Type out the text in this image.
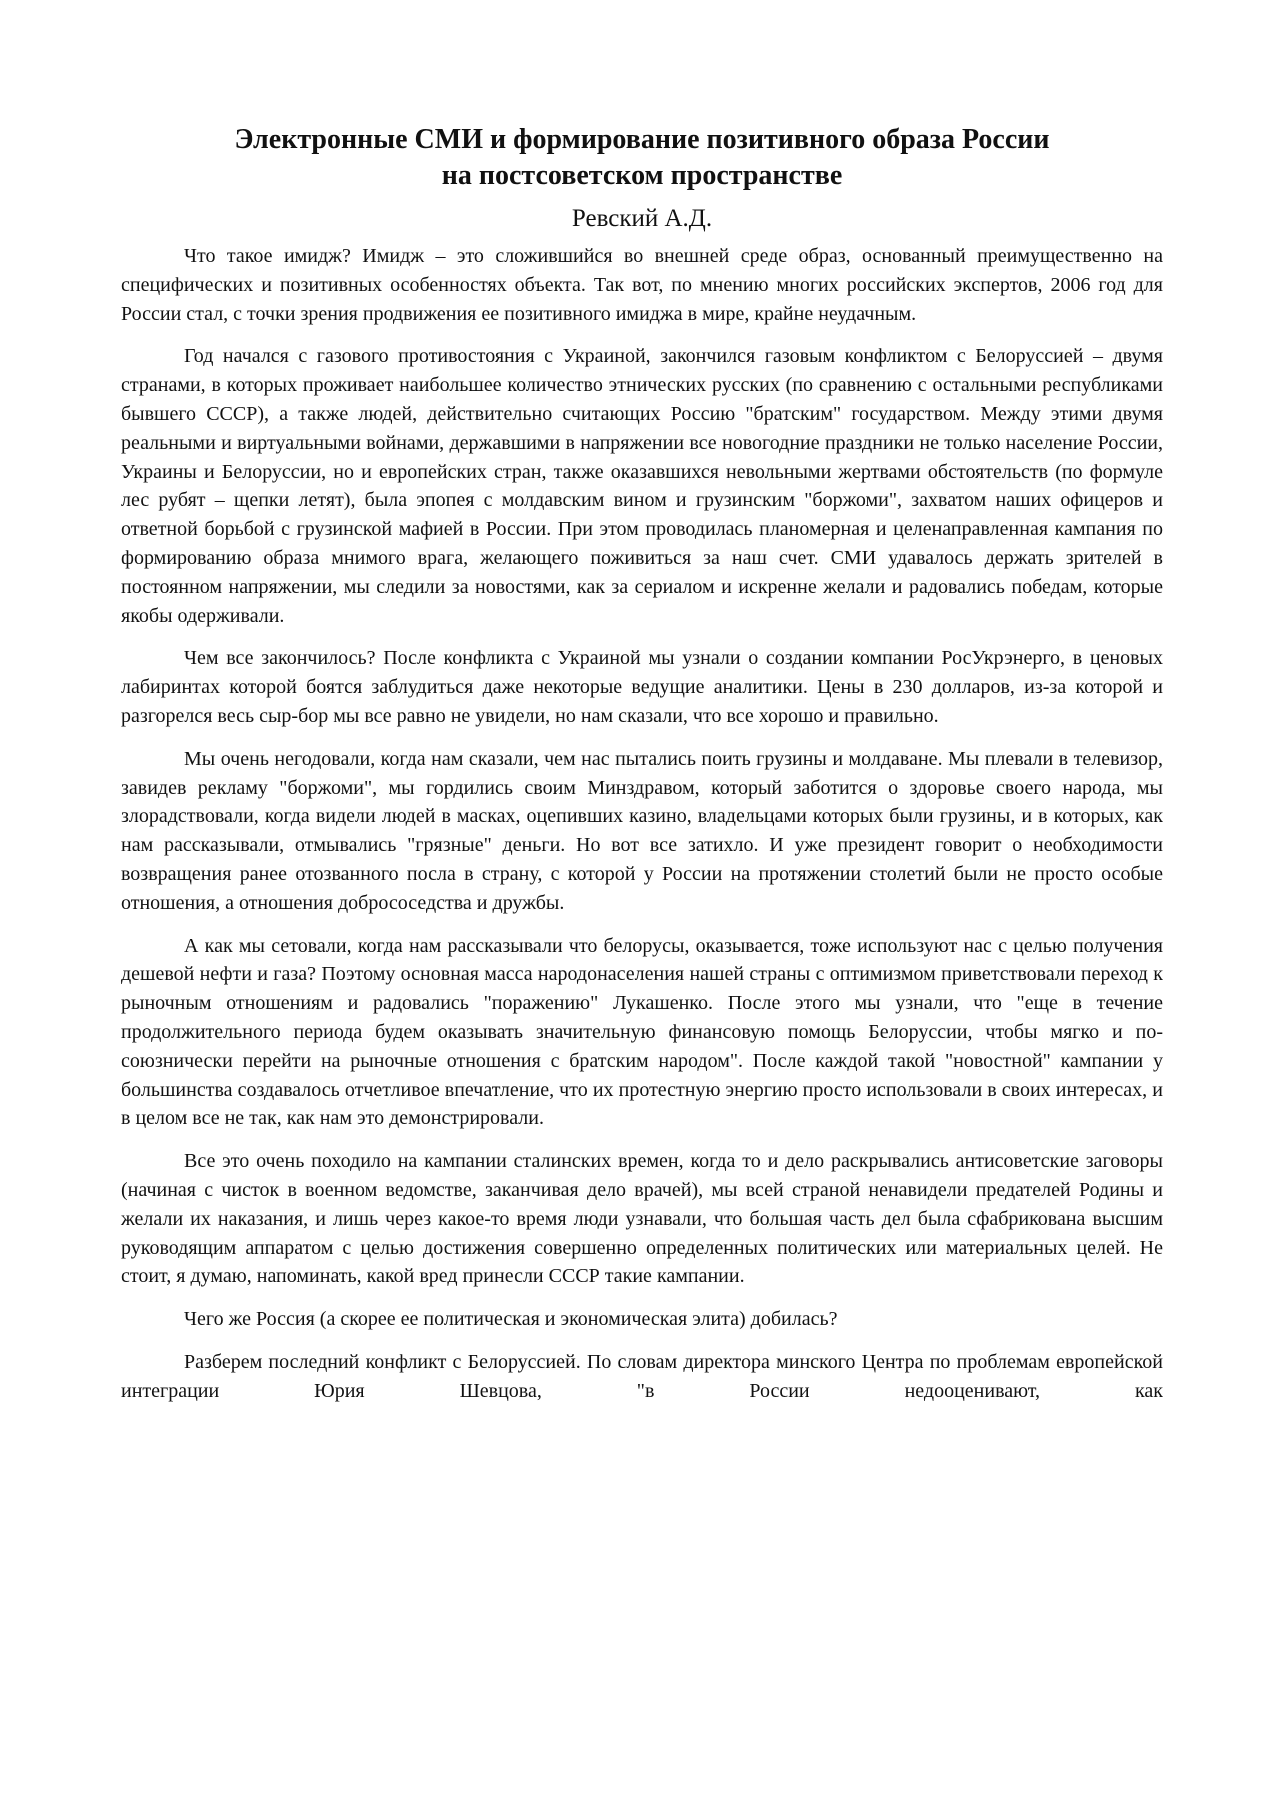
Электронные СМИ и формирование позитивного образа России
на постсоветском пространстве
Ревский А.Д.

Что такое имидж? Имидж – это сложившийся во внешней среде образ, основанный преимущественно на специфических и позитивных особенностях объекта. Так вот, по мнению многих российских экспертов, 2006 год для России стал, с точки зрения продвижения ее позитивного имиджа в мире, крайне неудачным.

Год начался с газового противостояния с Украиной, закончился газовым конфликтом с Белоруссией – двумя странами, в которых проживает наибольшее количество этнических русских (по сравнению с остальными республиками бывшего СССР), а также людей, действительно считающих Россию "братским" государством. Между этими двумя реальными и виртуальными войнами, державшими в напряжении все новогодние праздники не только население России, Украины и Белоруссии, но и европейских стран, также оказавшихся невольными жертвами обстоятельств (по формуле лес рубят – щепки летят), была эпопея с молдавским вином и грузинским "боржоми", захватом наших офицеров и ответной борьбой с грузинской мафией в России. При этом проводилась планомерная и целенаправленная кампания по формированию образа мнимого врага, желающего поживиться за наш счет. СМИ удавалось держать зрителей в постоянном напряжении, мы следили за новостями, как за сериалом и искренне желали и радовались победам, которые якобы одерживали.

Чем все закончилось? После конфликта с Украиной мы узнали о создании компании РосУкрэнерго, в ценовых лабиринтах которой боятся заблудиться даже некоторые ведущие аналитики. Цены в 230 долларов, из-за которой и разгорелся весь сыр-бор мы все равно не увидели, но нам сказали, что все хорошо и правильно.

Мы очень негодовали, когда нам сказали, чем нас пытались поить грузины и молдаване. Мы плевали в телевизор, завидев рекламу "боржоми", мы гордились своим Минздравом, который заботится о здоровье своего народа, мы злорадствовали, когда видели людей в масках, оцепивших казино, владельцами которых были грузины, и в которых, как нам рассказывали, отмывались "грязные" деньги. Но вот все затихло. И уже президент говорит о необходимости возвращения ранее отозванного посла в страну, с которой у России на протяжении столетий были не просто особые отношения, а отношения добрососедства и дружбы.

А как мы сетовали, когда нам рассказывали что белорусы, оказывается, тоже используют нас с целью получения дешевой нефти и газа? Поэтому основная масса народонаселения нашей страны с оптимизмом приветствовали переход к рыночным отношениям и радовались "поражению" Лукашенко. После этого мы узнали, что "еще в течение продолжительного периода будем оказывать значительную финансовую помощь Белоруссии, чтобы мягко и по-союзнически перейти на рыночные отношения с братским народом". После каждой такой "новостной" кампании у большинства создавалось отчетливое впечатление, что их протестную энергию просто использовали в своих интересах, и в целом все не так, как нам это демонстрировали.

Все это очень походило на кампании сталинских времен, когда то и дело раскрывались антисоветские заговоры (начиная с чисток в военном ведомстве, заканчивая дело врачей), мы всей страной ненавидели предателей Родины и желали их наказания, и лишь через какое-то время люди узнавали, что большая часть дел была сфабрикована высшим руководящим аппаратом с целью достижения совершенно определенных политических или материальных целей. Не стоит, я думаю, напоминать, какой вред принесли СССР такие кампании.

Чего же Россия (а скорее ее политическая и экономическая элита) добилась?

Разберем последний конфликт с Белоруссией. По словам директора минского Центра по проблемам европейской интеграции Юрия Шевцова, "в России недооценивают, как
